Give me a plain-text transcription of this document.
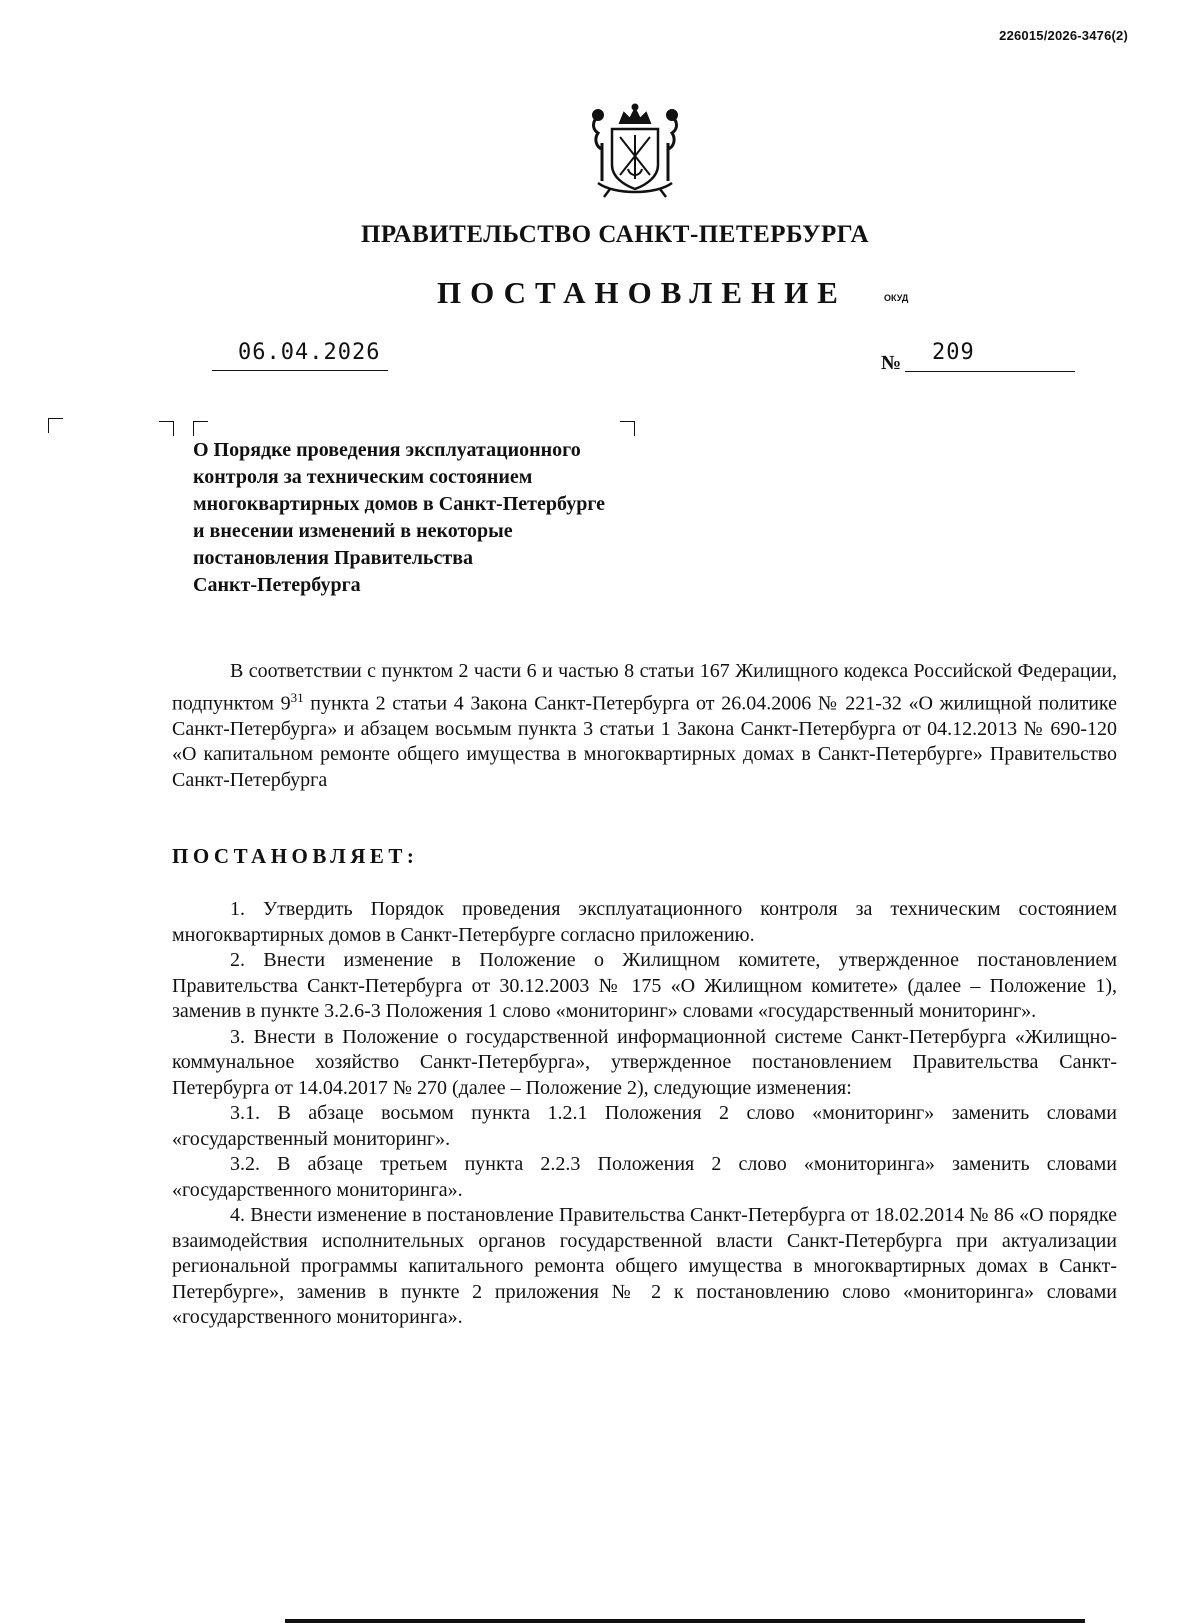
226015/2026-3476(2)
ПРАВИТЕЛЬСТВО САНКТ-ПЕТЕРБУРГА
ПОСТАНОВЛЕНИЕ	ОКУД
06.04.2026	№ 209
О Порядке проведения эксплуатационного
контроля за техническим состоянием
многоквартирных домов в Санкт-Петербурге
и внесении изменений в некоторые
постановления Правительства
Санкт-Петербурга

В соответствии с пунктом 2 части 6 и частью 8 статьи 167 Жилищного кодекса Российской Федерации, подпунктом $9^{31}$ пункта 2 статьи 4 Закона Санкт-Петербурга от 26.04.2006 № 221-32 «О жилищной политике Санкт-Петербурга» и абзацем восьмым пункта 3 статьи 1 Закона Санкт-Петербурга от 04.12.2013 № 690-120 «О капитальном ремонте общего имущества в многоквартирных домах в Санкт-Петербурге» Правительство Санкт-Петербурга

ПОСТАНОВЛЯЕТ:

1. Утвердить Порядок проведения эксплуатационного контроля за техническим состоянием многоквартирных домов в Санкт-Петербурге согласно приложению.

2. Внести изменение в Положение о Жилищном комитете, утвержденное постановлением Правительства Санкт-Петербурга от 30.12.2003 № 175 «О Жилищном комитете» (далее – Положение 1), заменив в пункте 3.2.6-3 Положения 1 слово «мониторинг» словами «государственный мониторинг».

3. Внести в Положение о государственной информационной системе Санкт-Петербурга «Жилищно-коммунальное хозяйство Санкт-Петербурга», утвержденное постановлением Правительства Санкт-Петербурга от 14.04.2017 № 270 (далее – Положение 2), следующие изменения:

3.1. В абзаце восьмом пункта 1.2.1 Положения 2 слово «мониторинг» заменить словами «государственный мониторинг».

3.2. В абзаце третьем пункта 2.2.3 Положения 2 слово «мониторинга» заменить словами «государственного мониторинга».

4. Внести изменение в постановление Правительства Санкт-Петербурга от 18.02.2014 № 86 «О порядке взаимодействия исполнительных органов государственной власти Санкт-Петербурга при актуализации региональной программы капитального ремонта общего имущества в многоквартирных домах в Санкт-Петербурге», заменив в пункте 2 приложения № 2 к постановлению слово «мониторинга» словами «государственного мониторинга».
